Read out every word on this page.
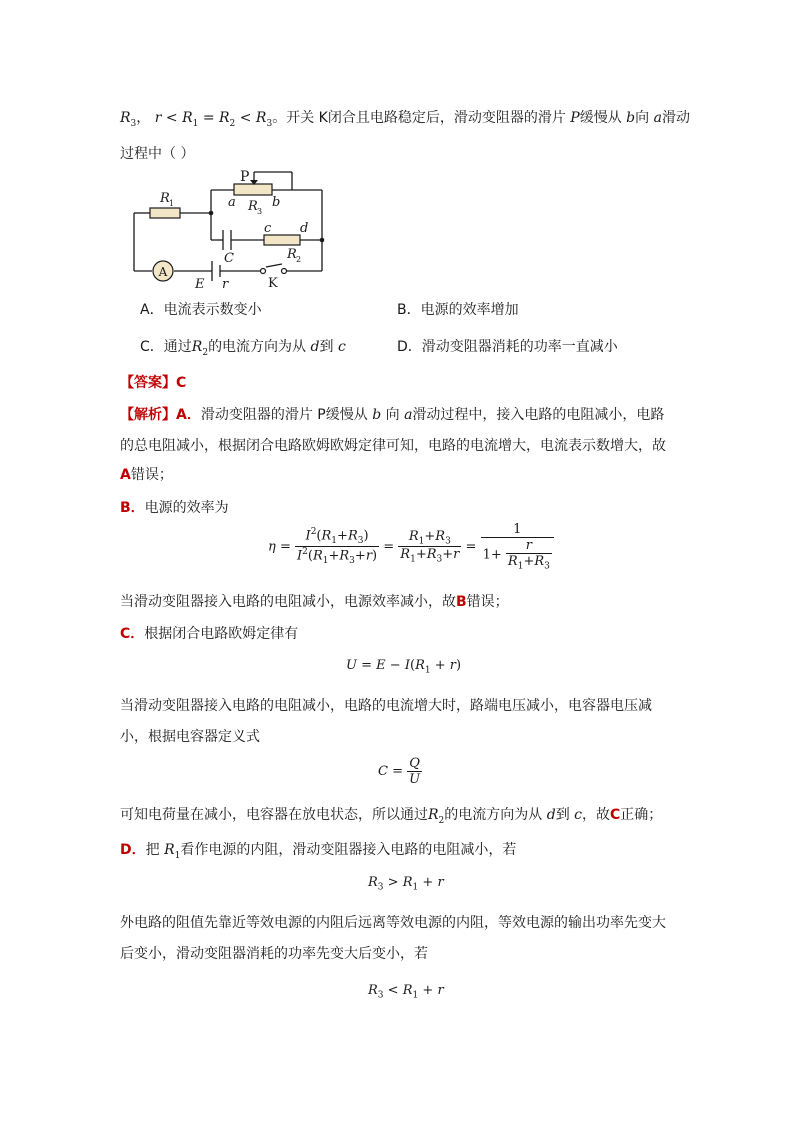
$R_3$， $r < R_1 = R_2 < R_3$。开关 K闭合且电路稳定后，滑动变阻器的滑片 P缓慢从 b向 a滑动
过程中（ ）
A
P
R 1	a	b
R 3
c d
C	R 2
E r	K
A．电流表示数变小	B．电源的效率增加
C．通过$R_2$的电流方向为从 d到 c	D．滑动变阻器消耗的功率一直减小
【答案】C
【解析】A．滑动变阻器的滑片 P缓慢从 b 向 a滑动过程中，接入电路的电阻减小，电路
的总电阻减小，根据闭合电路欧姆欧姆定律可知，电路的电流增大，电流表示数增大，故
A错误；
B．电源的效率为
$\eta = \frac{I^2(R_1+R_3)}{I^2(R_1+R_3+r)} = \frac{R_1+R_3}{R_1+R_3+r} = \frac{1}{1+ \frac{r}{R_1+R_3}}$
当滑动变阻器接入电路的电阻减小，电源效率减小，故B错误；
C．根据闭合电路欧姆定律有
$U = E - I(R_1 + r)$
当滑动变阻器接入电路的电阻减小，电路的电流增大时，路端电压减小，电容器电压减
小，根据电容器定义式
$C = \frac{Q}{U}$
可知电荷量在减小，电容器在放电状态，所以通过$R_2$的电流方向为从 d到 c，故C正确；
D．把 $R_1$看作电源的内阻，滑动变阻器接入电路的电阻减小，若
$R_3 > R_1 + r$
外电路的阻值先靠近等效电源的内阻后远离等效电源的内阻，等效电源的输出功率先变大
后变小，滑动变阻器消耗的功率先变大后变小，若
$R_3 < R_1 + r$
